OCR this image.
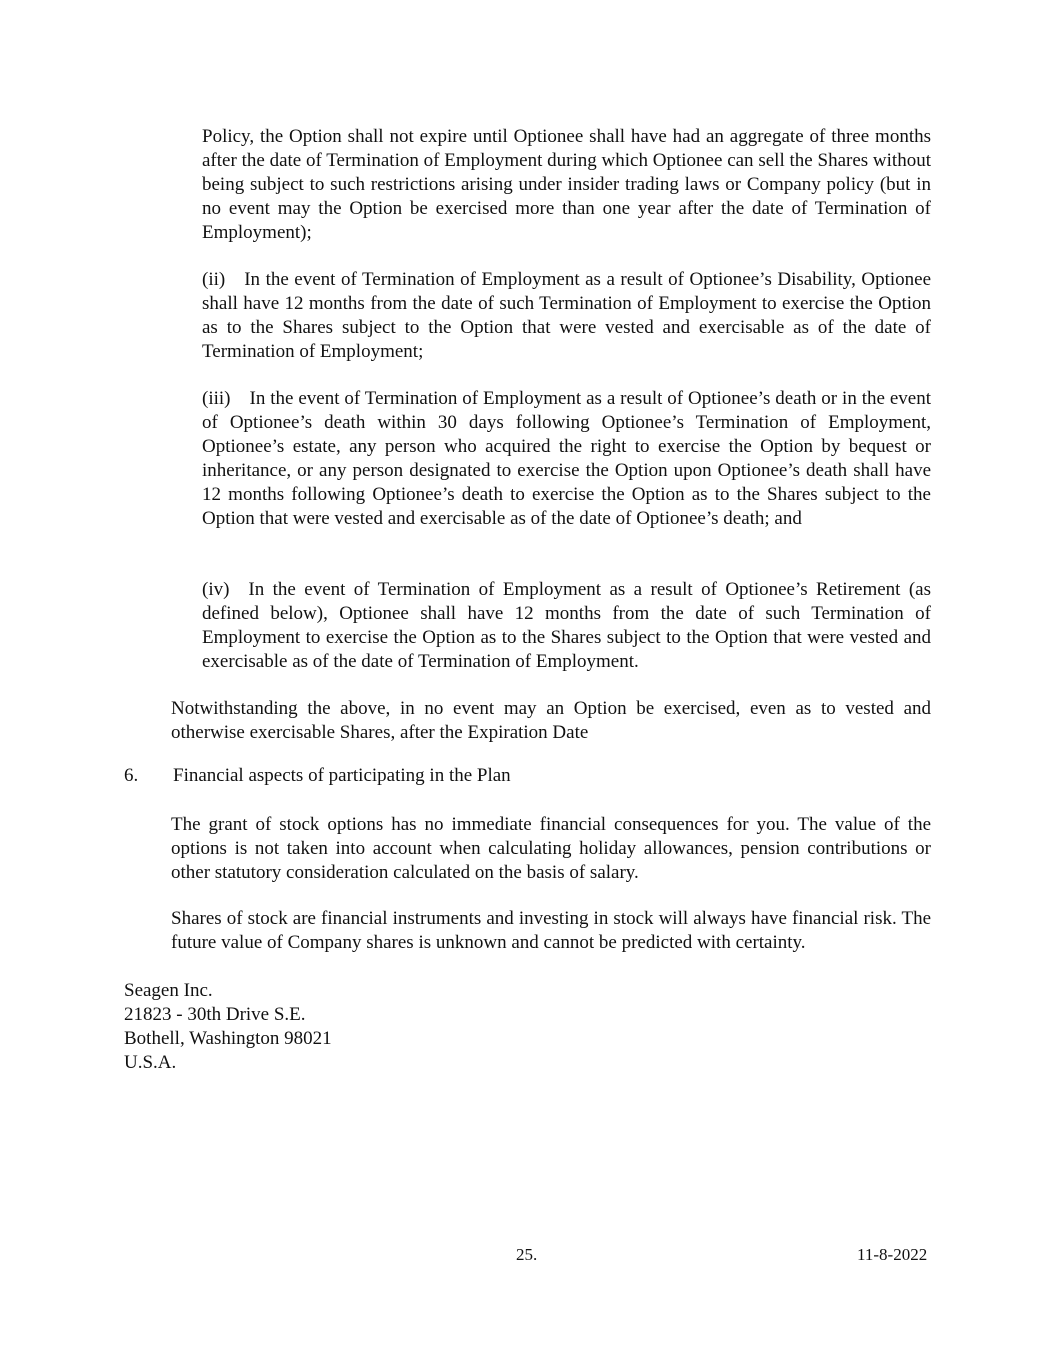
Policy, the Option shall not expire until Optionee shall have had an aggregate of three months after the date of Termination of Employment during which Optionee can sell the Shares without being subject to such restrictions arising under insider trading laws or Company policy (but in no event may the Option be exercised more than one year after the date of Termination of Employment);

(ii) In the event of Termination of Employment as a result of Optionee’s Disability, Optionee shall have 12 months from the date of such Termination of Employment to exercise the Option as to the Shares subject to the Option that were vested and exercisable as of the date of Termination of Employment;

(iii) In the event of Termination of Employment as a result of Optionee’s death or in the event of Optionee’s death within 30 days following Optionee’s Termination of Employment, Optionee’s estate, any person who acquired the right to exercise the Option by bequest or inheritance, or any person designated to exercise the Option upon Optionee’s death shall have 12 months following Optionee’s death to exercise the Option as to the Shares subject to the Option that were vested and exercisable as of the date of Optionee’s death; and

(iv) In the event of Termination of Employment as a result of Optionee’s Retirement (as defined below), Optionee shall have 12 months from the date of such Termination of Employment to exercise the Option as to the Shares subject to the Option that were vested and exercisable as of the date of Termination of Employment.

Notwithstanding the above, in no event may an Option be exercised, even as to vested and otherwise exercisable Shares, after the Expiration Date

6. Financial aspects of participating in the Plan

The grant of stock options has no immediate financial consequences for you. The value of the options is not taken into account when calculating holiday allowances, pension contributions or other statutory consideration calculated on the basis of salary.

Shares of stock are financial instruments and investing in stock will always have financial risk. The future value of Company shares is unknown and cannot be predicted with certainty.

Seagen Inc.
21823 - 30th Drive S.E.
Bothell, Washington 98021
U.S.A.
25.	11-8-2022
